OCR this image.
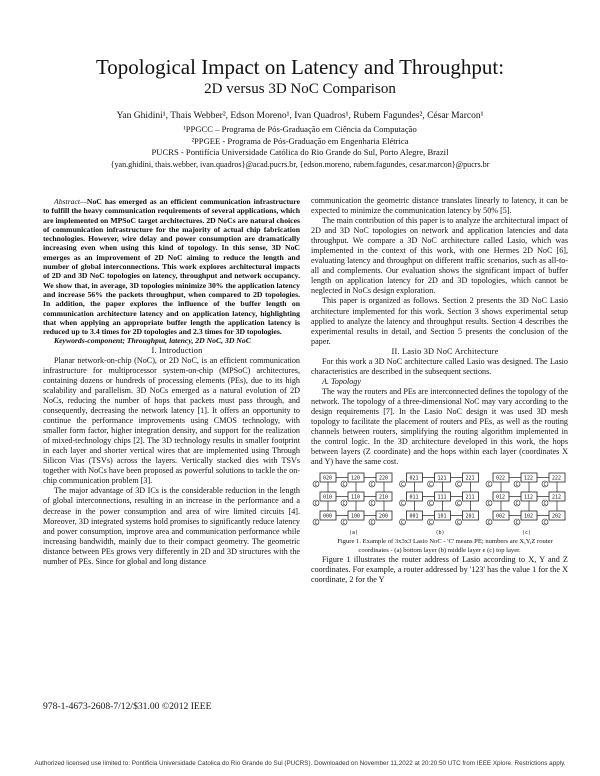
Topological Impact on Latency and Throughput:
2D versus 3D NoC Comparison
Yan Ghidini¹, Thais Webber², Edson Moreno¹, Ivan Quadros¹, Rubem Fagundes², César Marcon¹
¹PPGCC – Programa de Pós-Graduação em Ciência da Computação
²PPGEE - Programa de Pós-Graduação em Engenharia Elétrica
PUCRS - Pontifícia Universidade Católica do Rio Grande do Sul, Porto Alegre, Brazil
{yan.ghidini, thais.webber, ivan.quadros}@acad.pucrs.br, {edson.moreno, rubem.fagundes, cesar.marcon}@pucrs.br

Abstract—NoC has emerged as an efficient communication infrastructure to fulfill the heavy communication requirements of several applications, which are implemented on MPSoC target architectures. 2D NoCs are natural choices of communication infrastructure for the majority of actual chip fabrication technologies. However, wire delay and power consumption are dramatically increasing even when using this kind of topology. In this sense, 3D NoC emerges as an improvement of 2D NoC aiming to reduce the length and number of global interconnections. This work explores architectural impacts of 2D and 3D NoC topologies on latency, throughput and network occupancy. We show that, in average, 3D topologies minimize 30% the application latency and increase 56% the packets throughput, when compared to 2D topologies. In addition, the paper explores the influence of the buffer length on communication architecture latency and on application latency, highlighting that when applying an appropriate buffer length the application latency is reduced up to 3.4 times for 2D topologies and 2.3 times for 3D topologies.

Keywords-component; Throughput, latency, 2D NoC, 3D NoC

I. Introduction

Planar network-on-chip (NoC), or 2D NoC, is an efficient communication infrastructure for multiprocessor system-on-chip (MPSoC) architectures, containing dozens or hundreds of processing elements (PEs), due to its high scalability and parallelism. 3D NoCs emerged as a natural evolution of 2D NoCs, reducing the number of hops that packets must pass through, and consequently, decreasing the network latency [1]. It offers an opportunity to continue the performance improvements using CMOS technology, with smaller form factor, higher integration density, and support for the realization of mixed-technology chips [2]. The 3D technology results in smaller footprint in each layer and shorter vertical wires that are implemented using Through Silicon Vias (TSVs) across the layers. Vertically stacked dies with TSVs together with NoCs have been proposed as powerful solutions to tackle the on-chip communication problem [3].

The major advantage of 3D ICs is the considerable reduction in the length of global interconnections, resulting in an increase in the performance and a decrease in the power consumption and area of wire limited circuits [4]. Moreover, 3D integrated systems hold promises to significantly reduce latency and power consumption, improve area and communication performance while increasing bandwidth, mainly due to their compact geometry. The geometric distance between PEs grows very differently in 2D and 3D structures with the number of PEs. Since for global and long distance

communication the geometric distance translates linearly to latency, it can be expected to minimize the communication latency by 50% [5].

The main contribution of this paper is to analyze the architectural impact of 2D and 3D NoC topologies on network and application latencies and data throughput. We compare a 3D NoC architecture called Lasio, which was implemented in the context of this work, with one Hermes 2D NoC [6], evaluating latency and throughput on different traffic scenarios, such as all-to-all and complements. Our evaluation shows the significant impact of buffer length on application latency for 2D and 3D topologies, which cannot be neglected in NoCs design exploration.

This paper is organized as follows. Section 2 presents the 3D NoC Lasio architecture implemented for this work. Section 3 shows experimental setup applied to analyze the latency and throughput results. Section 4 describes the experimental results in detail, and Section 5 presents the conclusion of the paper.

II. Lasio 3D NoC Architecture

For this work a 3D NoC architecture called Lasio was designed. The Lasio characteristics are described in the subsequent sections.

A. Topology

The way the routers and PEs are interconnected defines the topology of the network. The topology of a three-dimensional NoC may vary according to the design requirements [7]. In the Lasio NoC design it was used 3D mesh topology to facilitate the placement of routers and PEs, as well as the routing channels between routers, simplifying the routing algorithm implemented in the control logic. In the 3D architecture developed in this work, the hops between layers (Z coordinate) and the hops within each layer (coordinates X and Y) have the same cost.

C
020
C
120
C
220
C
010
C
110
C
210
C
000
C
100
C
200
(a)
C
021
C
121
C
221
C
011
C
111
C
211
C
001
C
101
C
201
(b)
C
022
C
122
C
222
C
012
C
112
C
212
C
002
C
102
C
202
(c)

Figure 1. Example of 3x3x3 Lasio NoC - 'C' means PE; numbers are X,Y,Z router coordinates - (a) bottom layer (b) middle layer e (c) top layer.

Figure 1 illustrates the router address of Lasio according to X, Y and Z coordinates. For example, a router addressed by '123' has the value 1 for the X coordinate, 2 for the Y

978-1-4673-2608-7/12/$31.00 ©2012 IEEE
Authorized licensed use limited to: Pontificia Universidade Catolica do Rio Grande do Sul (PUCRS). Downloaded on November 11,2022 at 20:20:50 UTC from IEEE Xplore. Restrictions apply.
